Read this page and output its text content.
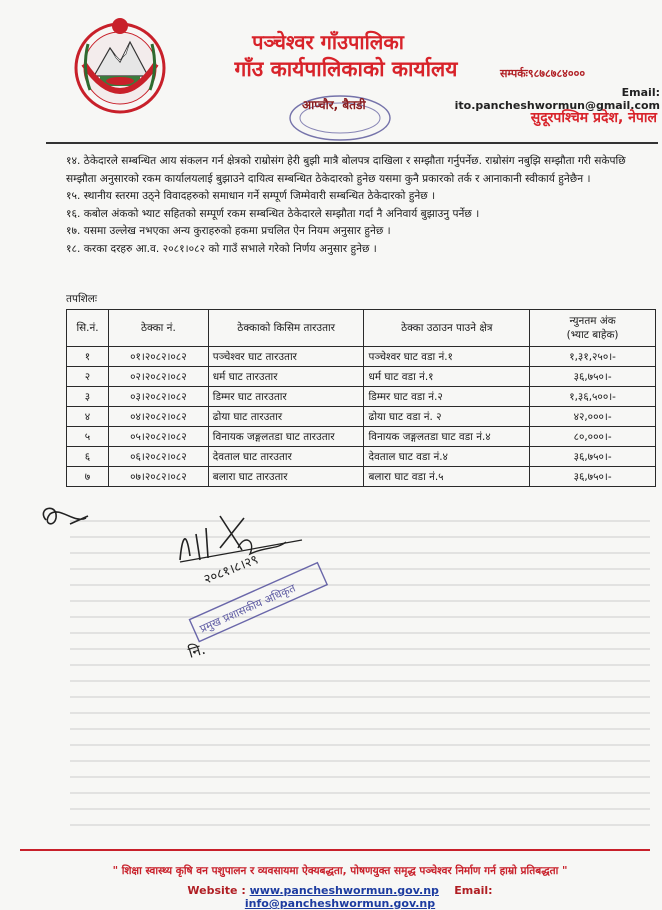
पञ्चेश्वर गाँउपालिका
गाँउ कार्यपालिकाको कार्यालय	सम्पर्कः९८७८७८४०००
Email: ito.pancheshwormun@gmail.com
आप्चौर, बैतडी
सुदूरपश्चिम प्रदेश, नेपाल
१४. ठेकेदारले सम्बन्धित आय संकलन गर्न क्षेत्रको राम्रोसंग हेरी बुझी मात्रै बोलपत्र दाखिला र सम्झौता गर्नुपर्नेछ. राम्रोसंग नबुझि सम्झौता गरी सकेपछि सम्झौता अनुसारको रकम कार्यालयलाई बुझाउने दायित्व सम्बन्धित ठेकेदारको हुनेछ यसमा कुनै प्रकारको तर्क र आनाकानी स्वीकार्य हुनेछैन ।
१५. स्थानीय स्तरमा उठ्ने विवादहरुको समाधान गर्ने सम्पूर्ण जिम्मेवारी सम्बन्धित ठेकेदारको हुनेछ ।
१६. कबोल अंकको भ्याट सहितको सम्पूर्ण रकम सम्बन्धित ठेकेदारले सम्झौता गर्दा नै अनिवार्य बुझाउनु पर्नेछ ।
१७. यसमा उल्लेख नभएका अन्य कुराहरुको हकमा प्रचलित ऐन नियम अनुसार हुनेछ ।
१८. करका दरहरु आ.व. २०८१।०८२ को गाउँ सभाले गरेको निर्णय अनुसार हुनेछ ।
तपशिलः
सि.नं.	ठेक्का नं.	ठेक्काको किसिम तारउतार	ठेक्का उठाउन पाउने क्षेत्र	न्युनतम अंक
(भ्याट बाहेक)
१	०१।२०८२।०८२	पञ्चेश्वर घाट तारउतार	पञ्चेश्वर घाट वडा नं.१	१,३१,२५०।-
२	०२।२०८२।०८२	धर्म घाट तारउतार	धर्म घाट वडा नं.१	३६,७५०।-
३	०३।२०८२।०८२	डिम्मर घाट तारउतार	डिम्मर घाट वडा नं.२	१,३६,५००।-
४	०४।२०८२।०८२	ढोया घाट तारउतार	ढोया घाट वडा नं. २	४२,०००।-
५	०५।२०८२।०८२	विनायक जङ्गलतडा घाट तारउतार	विनायक जङ्गलतडा घाट वडा नं.४	८०,०००।-
६	०६।२०८२।०८२	देवताल घाट तारउतार	देवताल घाट वडा नं.४	३६,७५०।-
७	०७।२०८२।०८२	बलारा घाट तारउतार	बलारा घाट वडा नं.५	३६,७५०।-
२०८१।८।२९
प्रमुख प्रशासकीय अधिकृत
नि.
" शिक्षा स्वास्थ्य कृषि वन पशुपालन र व्यवसायमा ऐक्यबद्धता, पोषणयुक्त समृद्ध पञ्चेश्वर निर्माण गर्न हाम्रो प्रतिबद्धता "
Website : www.pancheshwormun.gov.np Email: info@pancheshwormun.gov.np
